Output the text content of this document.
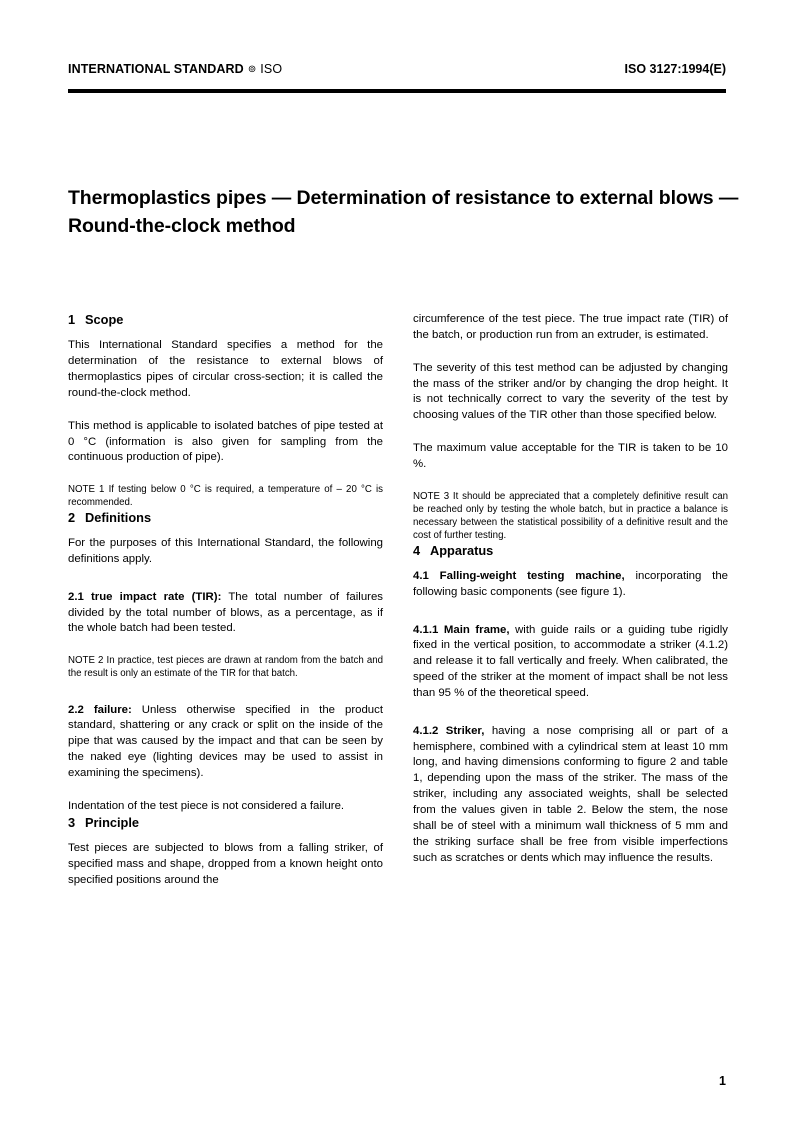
INTERNATIONAL STANDARD ⊚ ISO	ISO 3127:1994(E)
Thermoplastics pipes — Determination of resistance to external blows — Round-the-clock method
1 Scope

This International Standard specifies a method for the determination of the resistance to external blows of thermoplastics pipes of circular cross-section; it is called the round-the-clock method.

This method is applicable to isolated batches of pipe tested at 0 °C (information is also given for sampling from the continuous production of pipe).

NOTE 1 If testing below 0 °C is required, a temperature of – 20 °C is recommended.

2 Definitions

For the purposes of this International Standard, the following definitions apply.

2.1 true impact rate (TIR): The total number of failures divided by the total number of blows, as a percentage, as if the whole batch had been tested.

NOTE 2 In practice, test pieces are drawn at random from the batch and the result is only an estimate of the TIR for that batch.

2.2 failure: Unless otherwise specified in the product standard, shattering or any crack or split on the inside of the pipe that was caused by the impact and that can be seen by the naked eye (lighting devices may be used to assist in examining the specimens).

Indentation of the test piece is not considered a failure.

3 Principle

Test pieces are subjected to blows from a falling striker, of specified mass and shape, dropped from a known height onto specified positions around the

circumference of the test piece. The true impact rate (TIR) of the batch, or production run from an extruder, is estimated.

The severity of this test method can be adjusted by changing the mass of the striker and/or by changing the drop height. It is not technically correct to vary the severity of the test by choosing values of the TIR other than those specified below.

The maximum value acceptable for the TIR is taken to be 10 %.

NOTE 3 It should be appreciated that a completely definitive result can be reached only by testing the whole batch, but in practice a balance is necessary between the statistical possibility of a definitive result and the cost of further testing.

4 Apparatus

4.1 Falling-weight testing machine, incorporating the following basic components (see figure 1).

4.1.1 Main frame, with guide rails or a guiding tube rigidly fixed in the vertical position, to accommodate a striker (4.1.2) and release it to fall vertically and freely. When calibrated, the speed of the striker at the moment of impact shall be not less than 95 % of the theoretical speed.

4.1.2 Striker, having a nose comprising all or part of a hemisphere, combined with a cylindrical stem at least 10 mm long, and having dimensions conforming to figure 2 and table 1, depending upon the mass of the striker. The mass of the striker, including any associated weights, shall be selected from the values given in table 2. Below the stem, the nose shall be of steel with a minimum wall thickness of 5 mm and the striking surface shall be free from visible imperfections such as scratches or dents which may influence the results.

1
